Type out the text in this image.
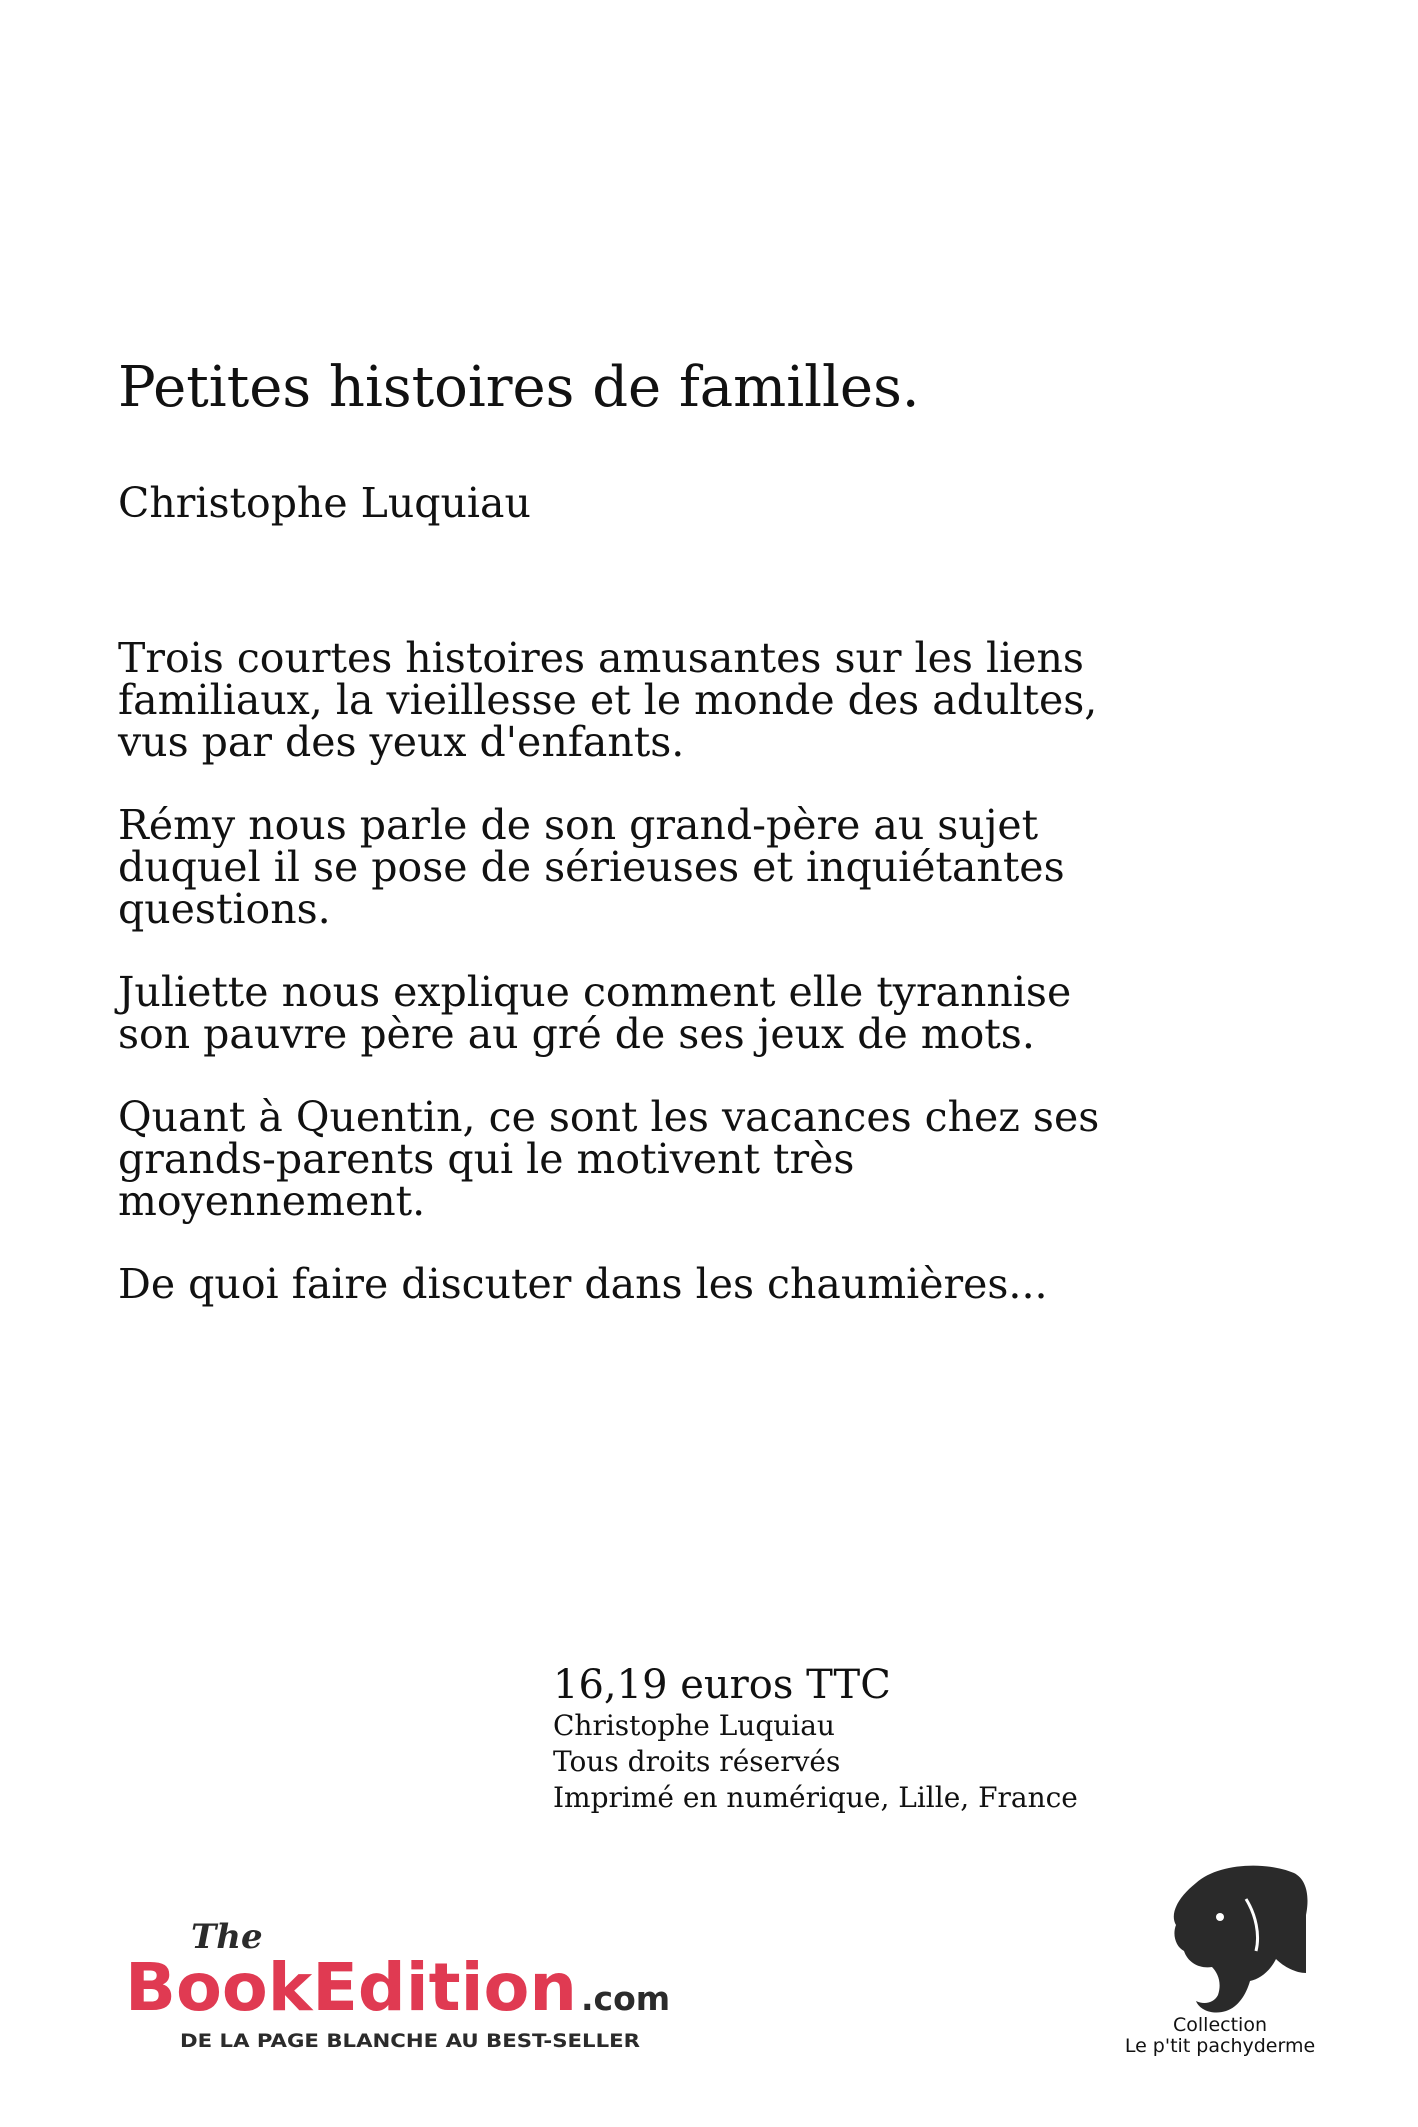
Petites histoires de familles.
Christophe Luquiau

Trois courtes histoires amusantes sur les liens familiaux, la vieillesse et le monde des adultes, vus par des yeux d'enfants.

Rémy nous parle de son grand-père au sujet duquel il se pose de sérieuses et inquiétantes questions.

Juliette nous explique comment elle tyrannise son pauvre père au gré de ses jeux de mots.

Quant à Quentin, ce sont les vacances chez ses grands-parents qui le motivent très moyennement.

De quoi faire discuter dans les chaumières...

16,19 euros TTC
Christophe Luquiau
Tous droits réservés
Imprimé en numérique, Lille, France
The
BookEdition .com
DE LA PAGE BLANCHE AU BEST-SELLER
Collection
Le p'tit pachyderme
